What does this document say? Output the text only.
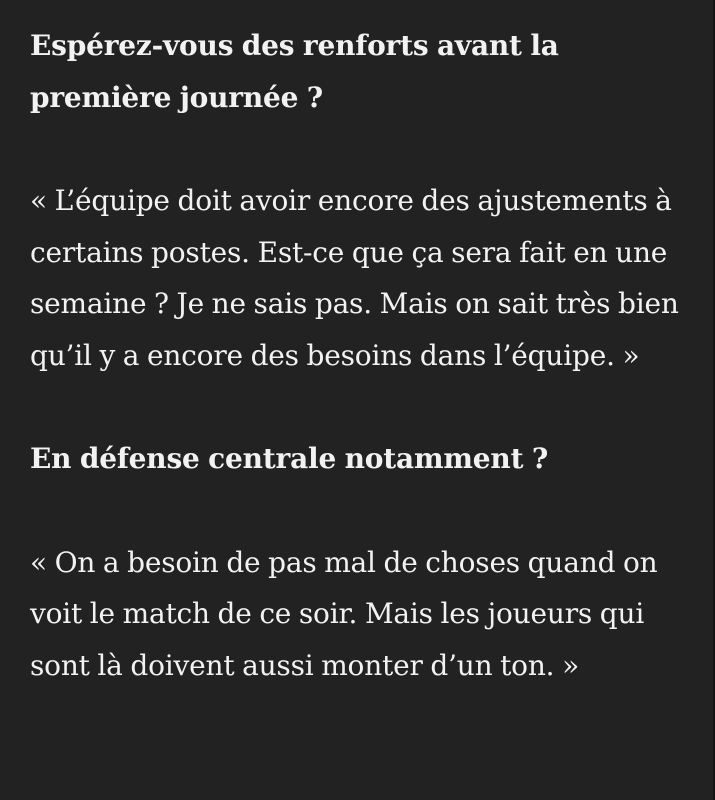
Espérez-vous des renforts avant la première journée ?

« L’équipe doit avoir encore des ajustements à certains postes. Est-ce que ça sera fait en une semaine ? Je ne sais pas. Mais on sait très bien qu’il y a encore des besoins dans l’équipe. »

En défense centrale notamment ?

« On a besoin de pas mal de choses quand on voit le match de ce soir. Mais les joueurs qui sont là doivent aussi monter d’un ton. »
